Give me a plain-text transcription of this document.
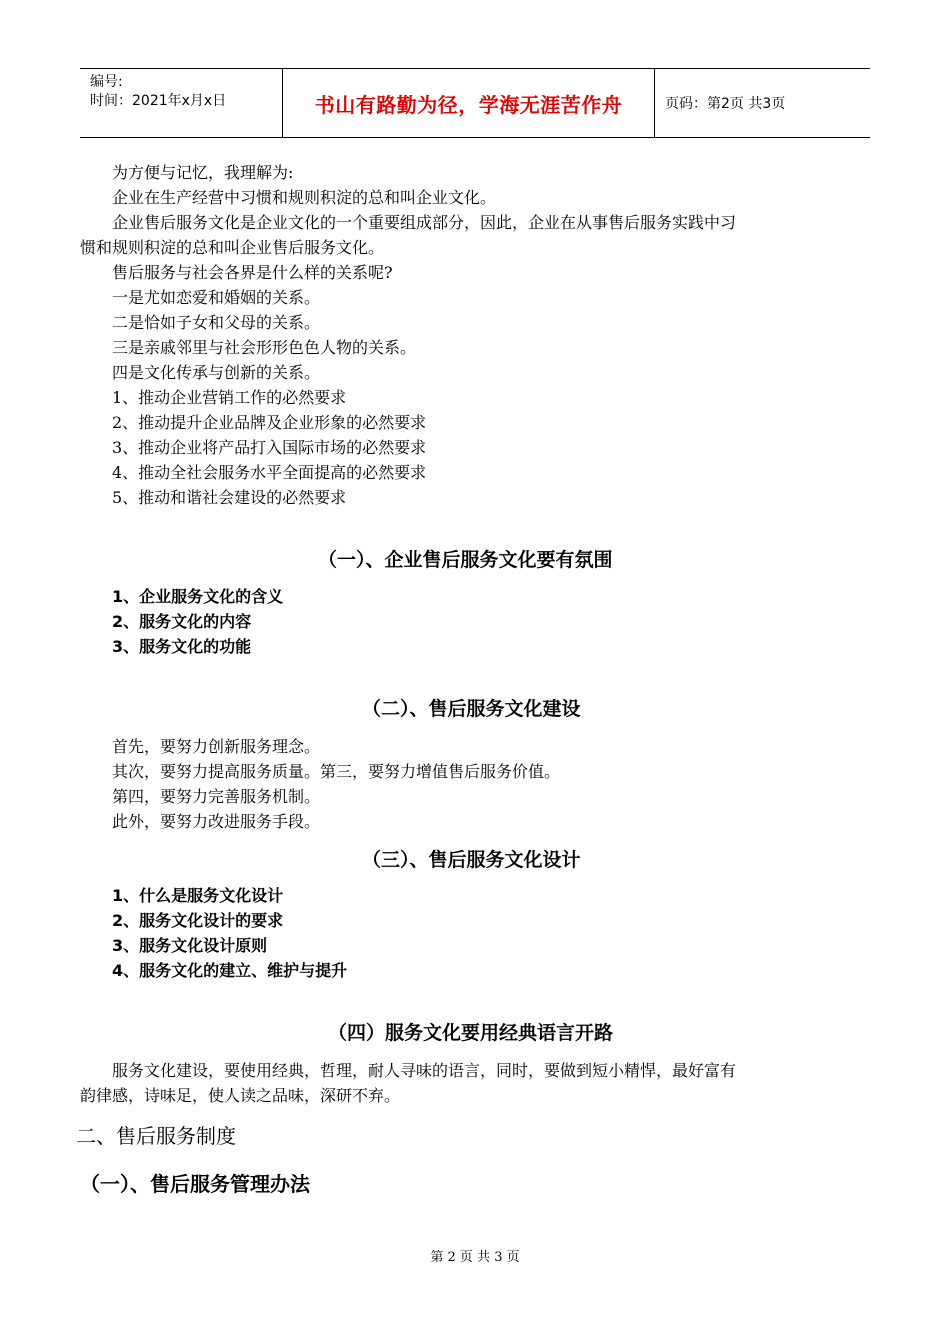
编号:
时间：2021年x月x日	书山有路勤为径，学海无涯苦作舟	页码：第2页 共3页
为方便与记忆，我理解为:
企业在生产经营中习惯和规则积淀的总和叫企业文化。
企业售后服务文化是企业文化的一个重要组成部分，因此，企业在从事售后服务实践中习
惯和规则积淀的总和叫企业售后服务文化。
售后服务与社会各界是什么样的关系呢?
一是尤如恋爱和婚姻的关系。
二是恰如子女和父母的关系。
三是亲戚邻里与社会形形色色人物的关系。
四是文化传承与创新的关系。
1、推动企业营销工作的必然要求
2、推动提升企业品牌及企业形象的必然要求
3、推动企业将产品打入国际市场的必然要求
4、推动全社会服务水平全面提高的必然要求
5、推动和谐社会建设的必然要求
（一）、企业售后服务文化要有氛围
1、企业服务文化的含义
2、服务文化的内容
3、服务文化的功能
（二）、售后服务文化建设
首先，要努力创新服务理念。
其次，要努力提高服务质量。第三，要努力增值售后服务价值。
第四，要努力完善服务机制。
此外，要努力改进服务手段。
（三）、售后服务文化设计
1、什么是服务文化设计
2、服务文化设计的要求
3、服务文化设计原则
4、服务文化的建立、维护与提升
（四）服务文化要用经典语言开路
服务文化建设，要使用经典，哲理，耐人寻味的语言，同时，要做到短小精悍，最好富有
韵律感，诗味足，使人读之品味，深研不弃。
二、售后服务制度
（一）、售后服务管理办法
第 2 页 共 3 页
